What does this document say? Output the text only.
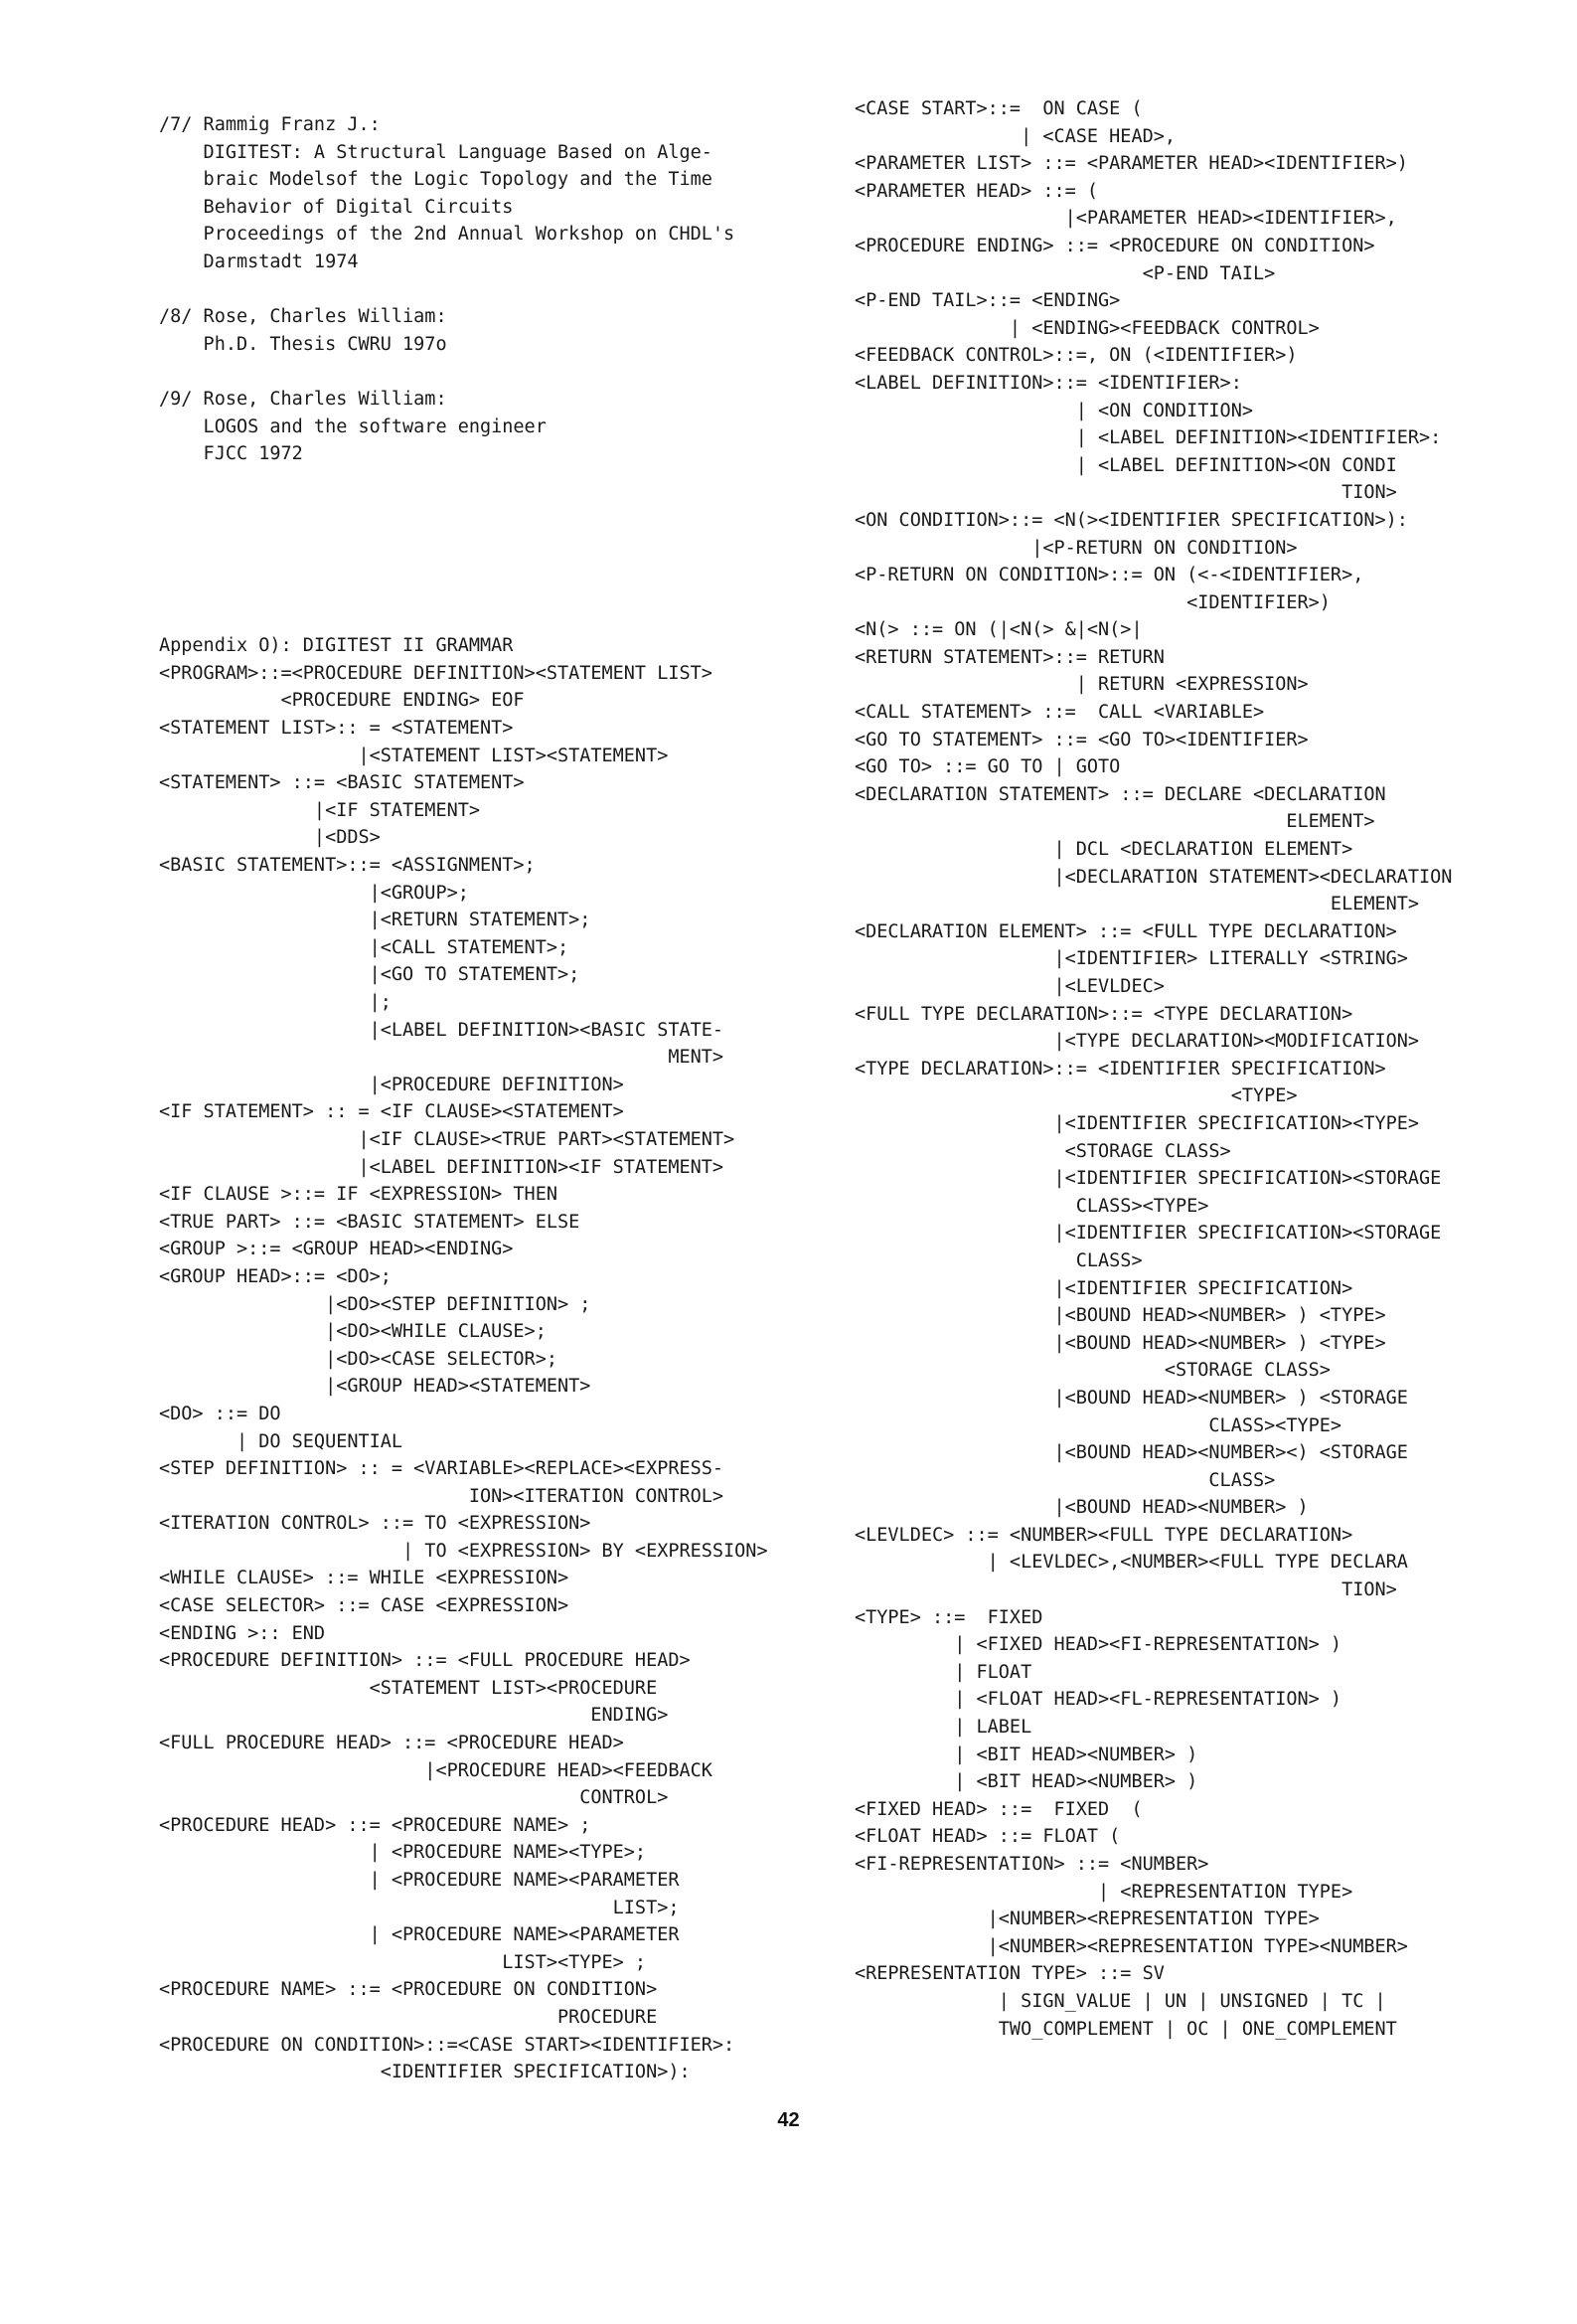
/7/ Rammig Franz J.:
DIGITEST: A Structural Language Based on Alge-
braic Modelsof the Logic Topology and the Time
Behavior of Digital Circuits
Proceedings of the 2nd Annual Workshop on CHDL's
Darmstadt 1974
/8/ Rose, Charles William:
Ph.D. Thesis CWRU 197o
/9/ Rose, Charles William:
LOGOS and the software engineer
FJCC 1972
Appendix O): DIGITEST II GRAMMAR
<PROGRAM>::=<PROCEDURE DEFINITION><STATEMENT LIST>
<PROCEDURE ENDING> EOF
<STATEMENT LIST>:: = <STATEMENT>
|<STATEMENT LIST><STATEMENT>
<STATEMENT> ::= <BASIC STATEMENT>
|<IF STATEMENT>
|<DDS>
<BASIC STATEMENT>::= <ASSIGNMENT>;
|<GROUP>;
|<RETURN STATEMENT>;
|<CALL STATEMENT>;
|<GO TO STATEMENT>;
|;
|<LABEL DEFINITION><BASIC STATE-
MENT>
|<PROCEDURE DEFINITION>
<IF STATEMENT> :: = <IF CLAUSE><STATEMENT>
|<IF CLAUSE><TRUE PART><STATEMENT>
|<LABEL DEFINITION><IF STATEMENT>
<IF CLAUSE >::= IF <EXPRESSION> THEN
<TRUE PART> ::= <BASIC STATEMENT> ELSE
<GROUP >::= <GROUP HEAD><ENDING>
<GROUP HEAD>::= <DO>;
|<DO><STEP DEFINITION> ;
|<DO><WHILE CLAUSE>;
|<DO><CASE SELECTOR>;
|<GROUP HEAD><STATEMENT>
<DO> ::= DO
| DO SEQUENTIAL
<STEP DEFINITION> :: = <VARIABLE><REPLACE><EXPRESS-
ION><ITERATION CONTROL>
<ITERATION CONTROL> ::= TO <EXPRESSION>
| TO <EXPRESSION> BY <EXPRESSION>
<WHILE CLAUSE> ::= WHILE <EXPRESSION>
<CASE SELECTOR> ::= CASE <EXPRESSION>
<ENDING >:: END
<PROCEDURE DEFINITION> ::= <FULL PROCEDURE HEAD>
<STATEMENT LIST><PROCEDURE
ENDING>
<FULL PROCEDURE HEAD> ::= <PROCEDURE HEAD>
|<PROCEDURE HEAD><FEEDBACK
CONTROL>
<PROCEDURE HEAD> ::= <PROCEDURE NAME> ;
| <PROCEDURE NAME><TYPE>;
| <PROCEDURE NAME><PARAMETER
LIST>;
| <PROCEDURE NAME><PARAMETER
LIST><TYPE> ;
<PROCEDURE NAME> ::= <PROCEDURE ON CONDITION>
PROCEDURE
<PROCEDURE ON CONDITION>::=<CASE START><IDENTIFIER>:
<IDENTIFIER SPECIFICATION>):
<CASE START>::=  ON CASE (
| <CASE HEAD>,
<PARAMETER LIST> ::= <PARAMETER HEAD><IDENTIFIER>)
<PARAMETER HEAD> ::= (
|<PARAMETER HEAD><IDENTIFIER>,
<PROCEDURE ENDING> ::= <PROCEDURE ON CONDITION>
<P-END TAIL>
<P-END TAIL>::= <ENDING>
| <ENDING><FEEDBACK CONTROL>
<FEEDBACK CONTROL>::=, ON (<IDENTIFIER>)
<LABEL DEFINITION>::= <IDENTIFIER>:
| <ON CONDITION>
| <LABEL DEFINITION><IDENTIFIER>:
| <LABEL DEFINITION><ON CONDI
TION>
<ON CONDITION>::= <N(><IDENTIFIER SPECIFICATION>):
|<P-RETURN ON CONDITION>
<P-RETURN ON CONDITION>::= ON (<-<IDENTIFIER>,
<IDENTIFIER>)
<N(> ::= ON (|<N(> &|<N(>|
<RETURN STATEMENT>::= RETURN
| RETURN <EXPRESSION>
<CALL STATEMENT> ::=  CALL <VARIABLE>
<GO TO STATEMENT> ::= <GO TO><IDENTIFIER>
<GO TO> ::= GO TO | GOTO
<DECLARATION STATEMENT> ::= DECLARE <DECLARATION
ELEMENT>
| DCL <DECLARATION ELEMENT>
|<DECLARATION STATEMENT><DECLARATION
ELEMENT>
<DECLARATION ELEMENT> ::= <FULL TYPE DECLARATION>
|<IDENTIFIER> LITERALLY <STRING>
|<LEVLDEC>
<FULL TYPE DECLARATION>::= <TYPE DECLARATION>
|<TYPE DECLARATION><MODIFICATION>
<TYPE DECLARATION>::= <IDENTIFIER SPECIFICATION>
<TYPE>
|<IDENTIFIER SPECIFICATION><TYPE>
<STORAGE CLASS>
|<IDENTIFIER SPECIFICATION><STORAGE
CLASS><TYPE>
|<IDENTIFIER SPECIFICATION><STORAGE
CLASS>
|<IDENTIFIER SPECIFICATION>
|<BOUND HEAD><NUMBER> ) <TYPE>
|<BOUND HEAD><NUMBER> ) <TYPE>
<STORAGE CLASS>
|<BOUND HEAD><NUMBER> ) <STORAGE
CLASS><TYPE>
|<BOUND HEAD><NUMBER><) <STORAGE
CLASS>
|<BOUND HEAD><NUMBER> )
<LEVLDEC> ::= <NUMBER><FULL TYPE DECLARATION>
| <LEVLDEC>,<NUMBER><FULL TYPE DECLARA
TION>
<TYPE> ::=  FIXED
| <FIXED HEAD><FI-REPRESENTATION> )
| FLOAT
| <FLOAT HEAD><FL-REPRESENTATION> )
| LABEL
| <BIT HEAD><NUMBER> )
| <BIT HEAD><NUMBER> )
<FIXED HEAD> ::=  FIXED  (
<FLOAT HEAD> ::= FLOAT (
<FI-REPRESENTATION> ::= <NUMBER>
| <REPRESENTATION TYPE>
|<NUMBER><REPRESENTATION TYPE>
|<NUMBER><REPRESENTATION TYPE><NUMBER>
<REPRESENTATION TYPE> ::= SV
| SIGN_VALUE | UN | UNSIGNED | TC |
TWO_COMPLEMENT | OC | ONE_COMPLEMENT
42
